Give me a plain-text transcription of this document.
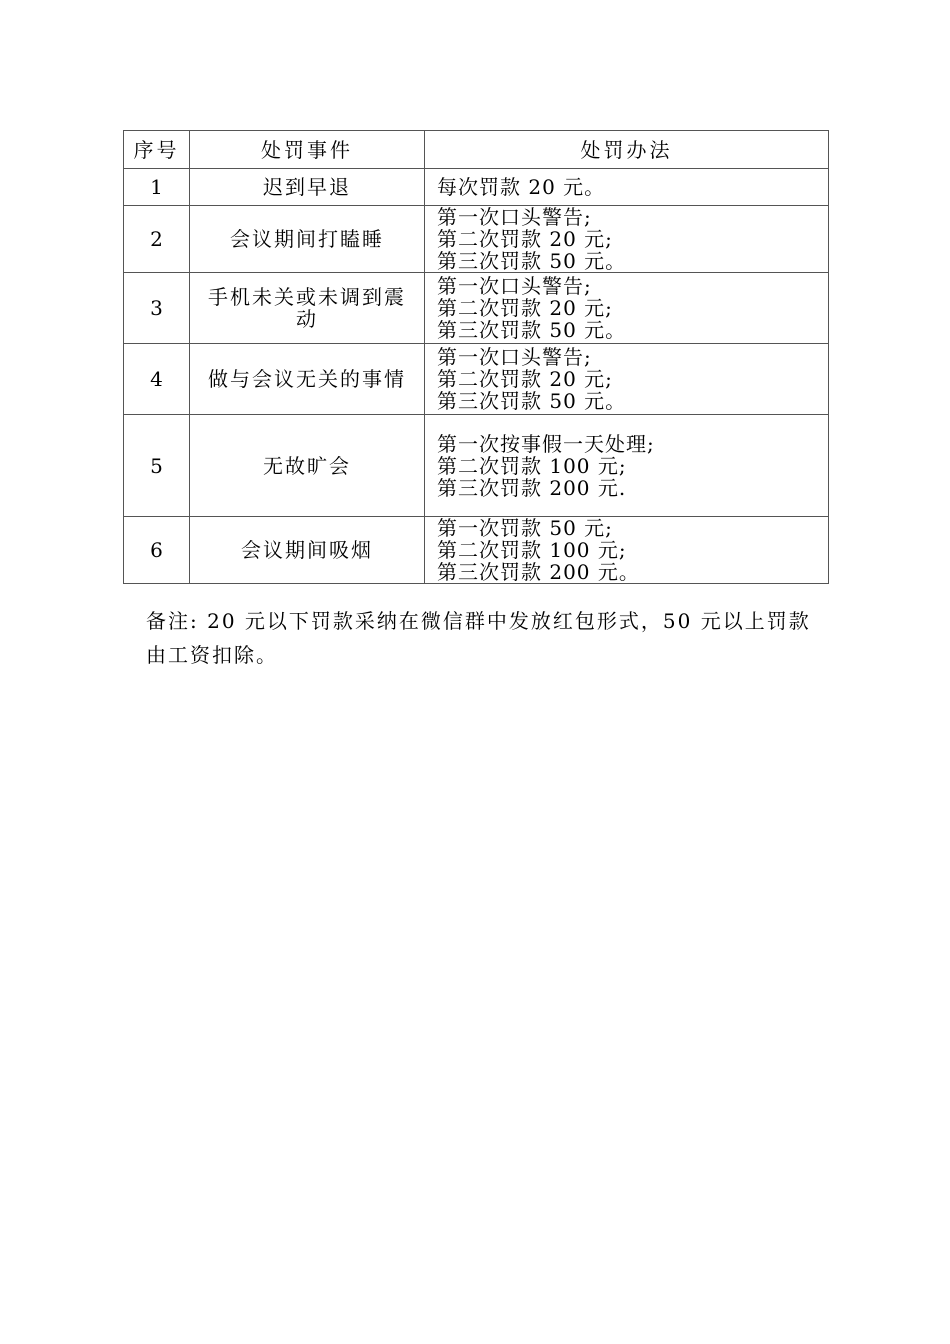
序号	处罚事件	处罚办法
1	迟到早退	每次罚款 20 元。

2	会议期间打瞌睡	第一次口头警告;
第二次罚款 20 元;
第三次罚款 50 元。

3	手机未关或未调到震动	第一次口头警告;
第二次罚款 20 元;
第三次罚款 50 元。

4	做与会议无关的事情	第一次口头警告;
第二次罚款 20 元;
第三次罚款 50 元。

5	无故旷会	第一次按事假一天处理;
第二次罚款 100 元;
第三次罚款 200 元.

6	会议期间吸烟	第一次罚款 50 元;
第二次罚款 100 元;
第三次罚款 200 元。

备注: 20 元以下罚款采纳在微信群中发放红包形式，50 元以上罚款由工资扣除。
